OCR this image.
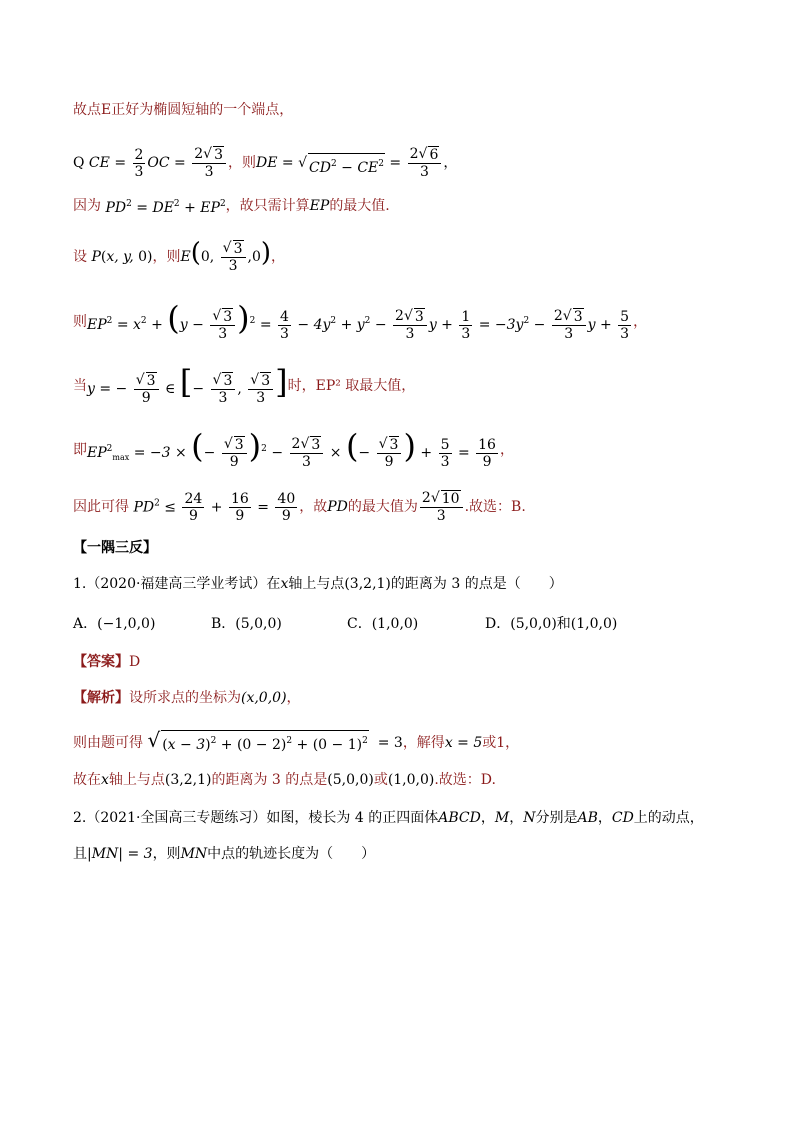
故点E正好为椭圆短轴的一个端点，
Q CE = $\frac{2}{3}$ OC = $\frac{2 √ 3}{3}$ ，则 DE = √ $CD^2 - CE^2 = \frac{2 √ 6}{3}$ ，
因为 $PD^2 = DE^2 + EP^2$ ，故只需计算 EP 的最大值.
设 P(x, y, 0) ，则 E(0, $\frac{√ 3}{3} ,0$) ，
则 $EP^2 = x^2 + (y - \frac{√ 3}{3} )^2 = \frac{4}{3} - 4y^2 + y^2 - \frac{2 √ 3}{3}$ $y + \frac{1}{3} = -3y^2 - \frac{2 √ 3}{3}$ $y + \frac{5}{3}$ ，
当 y = − $\frac{√ 3}{9}$ ∈ [− $\frac{√ 3}{3}$ , $\frac{√ 3}{3}$ ] 时， EP² 取最大值，
即 $EP^2_{max} = -3$ × (− $\frac{√ 3}{9} )^2 - \frac{2 √ 3}{3}$ × (− $\frac{√ 3}{9}$ ) + $\frac{5}{3} = \frac{16}{9}$ ，
因此可得 $PD^2 \le \frac{24}{9} + \frac{16}{9} = \frac{40}{9}$ ，故 PD 的最大值为 $\frac{2 √ 10}{3}$ .故选：B.
【一隅三反】
1.（2020·福建高三学业考试）在 x 轴上与点 (3,2,1) 的距离为 3 的点是（　　）
A． (−1,0,0)	B． (5,0,0)	C． (1,0,0)	D． (5,0,0) 和 (1,0,0)
【答案】 D
【解析】 设所求点的坐标为 (x,0,0) ，
则由题可得
√ $(x - 3)^2 + (0 - 2)^2 + (0 - 1)^2 = 3$ ，解得 x = 5 或 1，
故在 x 轴上与点 (3,2,1) 的距离为 3 的点是 (5,0,0) 或 (1,0,0) .故选：D.
2.（2021·全国高三专题练习）如图，棱长为 4 的正四面体 ABCD ， M ， N 分别是 AB ， CD 上的动点，
且 |MN| = 3 ，则 MN 中点的轨迹长度为（　　）
